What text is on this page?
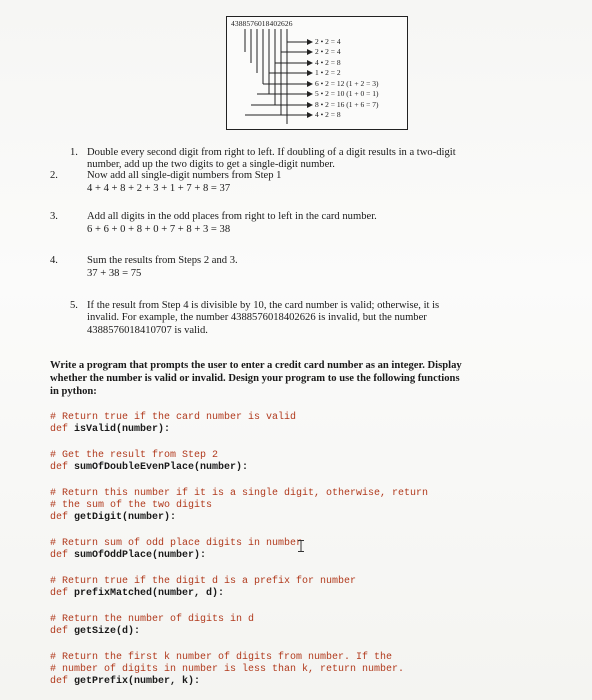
4388576018402626
2 • 2 = 4
2 • 2 = 4
4 • 2 = 8
1 • 2 = 2
6 • 2 = 12 (1 + 2 = 3)
5 • 2 = 10 (1 + 0 = 1)
8 • 2 = 16 (1 + 6 = 7)
4 • 2 = 8
1. Double every second digit from right to left. If doubling of a digit results in a two-digit
number, add up the two digits to get a single-digit number.
2.	Now add all single-digit numbers from Step 1
4 + 4 + 8 + 2 + 3 + 1 + 7 + 8 = 37
3.	Add all digits in the odd places from right to left in the card number.
6 + 6 + 0 + 8 + 0 + 7 + 8 + 3 = 38
4.	Sum the results from Steps 2 and 3.
37 + 38 = 75
5. If the result from Step 4 is divisible by 10, the card number is valid; otherwise, it is
invalid. For example, the number 4388576018402626 is invalid, but the number
4388576018410707 is valid.
Write a program that prompts the user to enter a credit card number as an integer. Display
whether the number is valid or invalid. Design your program to use the following functions
in python:
# Return true if the card number is valid
def isValid(number):
# Get the result from Step 2
def sumOfDoubleEvenPlace(number):
# Return this number if it is a single digit, otherwise, return
# the sum of the two digits
def getDigit(number):
# Return sum of odd place digits in number
def sumOfOddPlace(number):
# Return true if the digit d is a prefix for number
def prefixMatched(number, d):
# Return the number of digits in d
def getSize(d):
# Return the first k number of digits from number. If the
# number of digits in number is less than k, return number.
def getPrefix(number, k):
